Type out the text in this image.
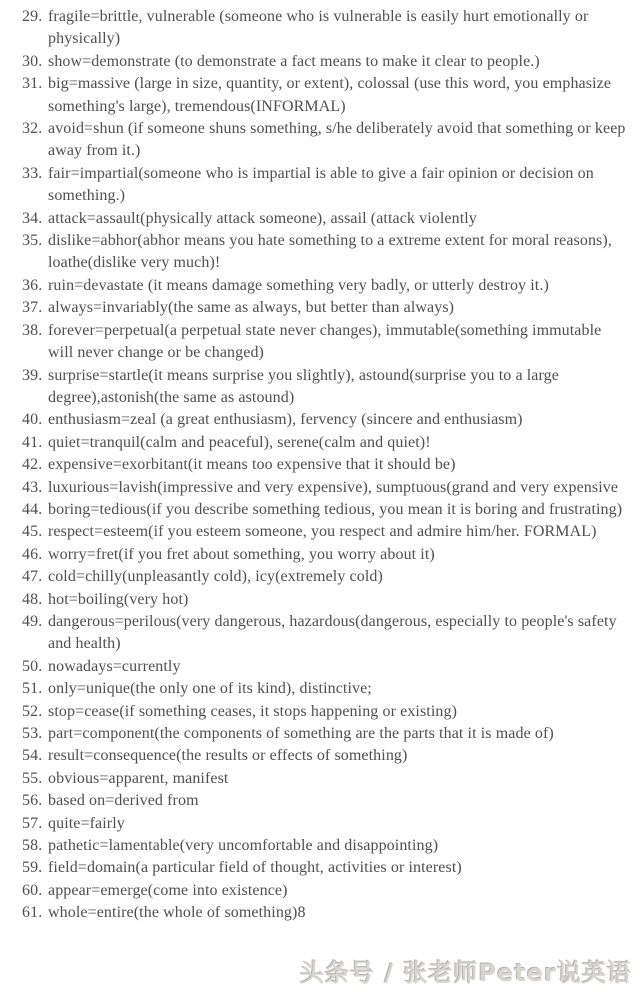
29. fragile=brittle, vulnerable (someone who is vulnerable is easily hurt emotionally or physically)
30. show=demonstrate (to demonstrate a fact means to make it clear to people.)
31. big=massive (large in size, quantity, or extent), colossal (use this word, you emphasize something's large), tremendous(INFORMAL)
32. avoid=shun (if someone shuns something, s/he deliberately avoid that something or keep away from it.)
33. fair=impartial(someone who is impartial is able to give a fair opinion or decision on something.)
34. attack=assault(physically attack someone), assail (attack violently
35. dislike=abhor(abhor means you hate something to a extreme extent for moral reasons), loathe(dislike very much)!
36. ruin=devastate (it means damage something very badly, or utterly destroy it.)
37. always=invariably(the same as always, but better than always)
38. forever=perpetual(a perpetual state never changes), immutable(something immutable will never change or be changed)
39. surprise=startle(it means surprise you slightly), astound(surprise you to a large degree),astonish(the same as astound)
40. enthusiasm=zeal (a great enthusiasm), fervency (sincere and enthusiasm)
41. quiet=tranquil(calm and peaceful), serene(calm and quiet)!
42. expensive=exorbitant(it means too expensive that it should be)
43. luxurious=lavish(impressive and very expensive), sumptuous(grand and very expensive
44. boring=tedious(if you describe something tedious, you mean it is boring and frustrating)
45. respect=esteem(if you esteem someone, you respect and admire him/her. FORMAL)
46. worry=fret(if you fret about something, you worry about it)
47. cold=chilly(unpleasantly cold), icy(extremely cold)
48. hot=boiling(very hot)
49. dangerous=perilous(very dangerous, hazardous(dangerous, especially to people's safety and health)
50. nowadays=currently
51. only=unique(the only one of its kind), distinctive;
52. stop=cease(if something ceases, it stops happening or existing)
53. part=component(the components of something are the parts that it is made of)
54. result=consequence(the results or effects of something)
55. obvious=apparent, manifest
56. based on=derived from
57. quite=fairly
58. pathetic=lamentable(very uncomfortable and disappointing)
59. field=domain(a particular field of thought, activities or interest)
60. appear=emerge(come into existence)
61. whole=entire(the whole of something)8
头条号 / 张老师Peter说英语
